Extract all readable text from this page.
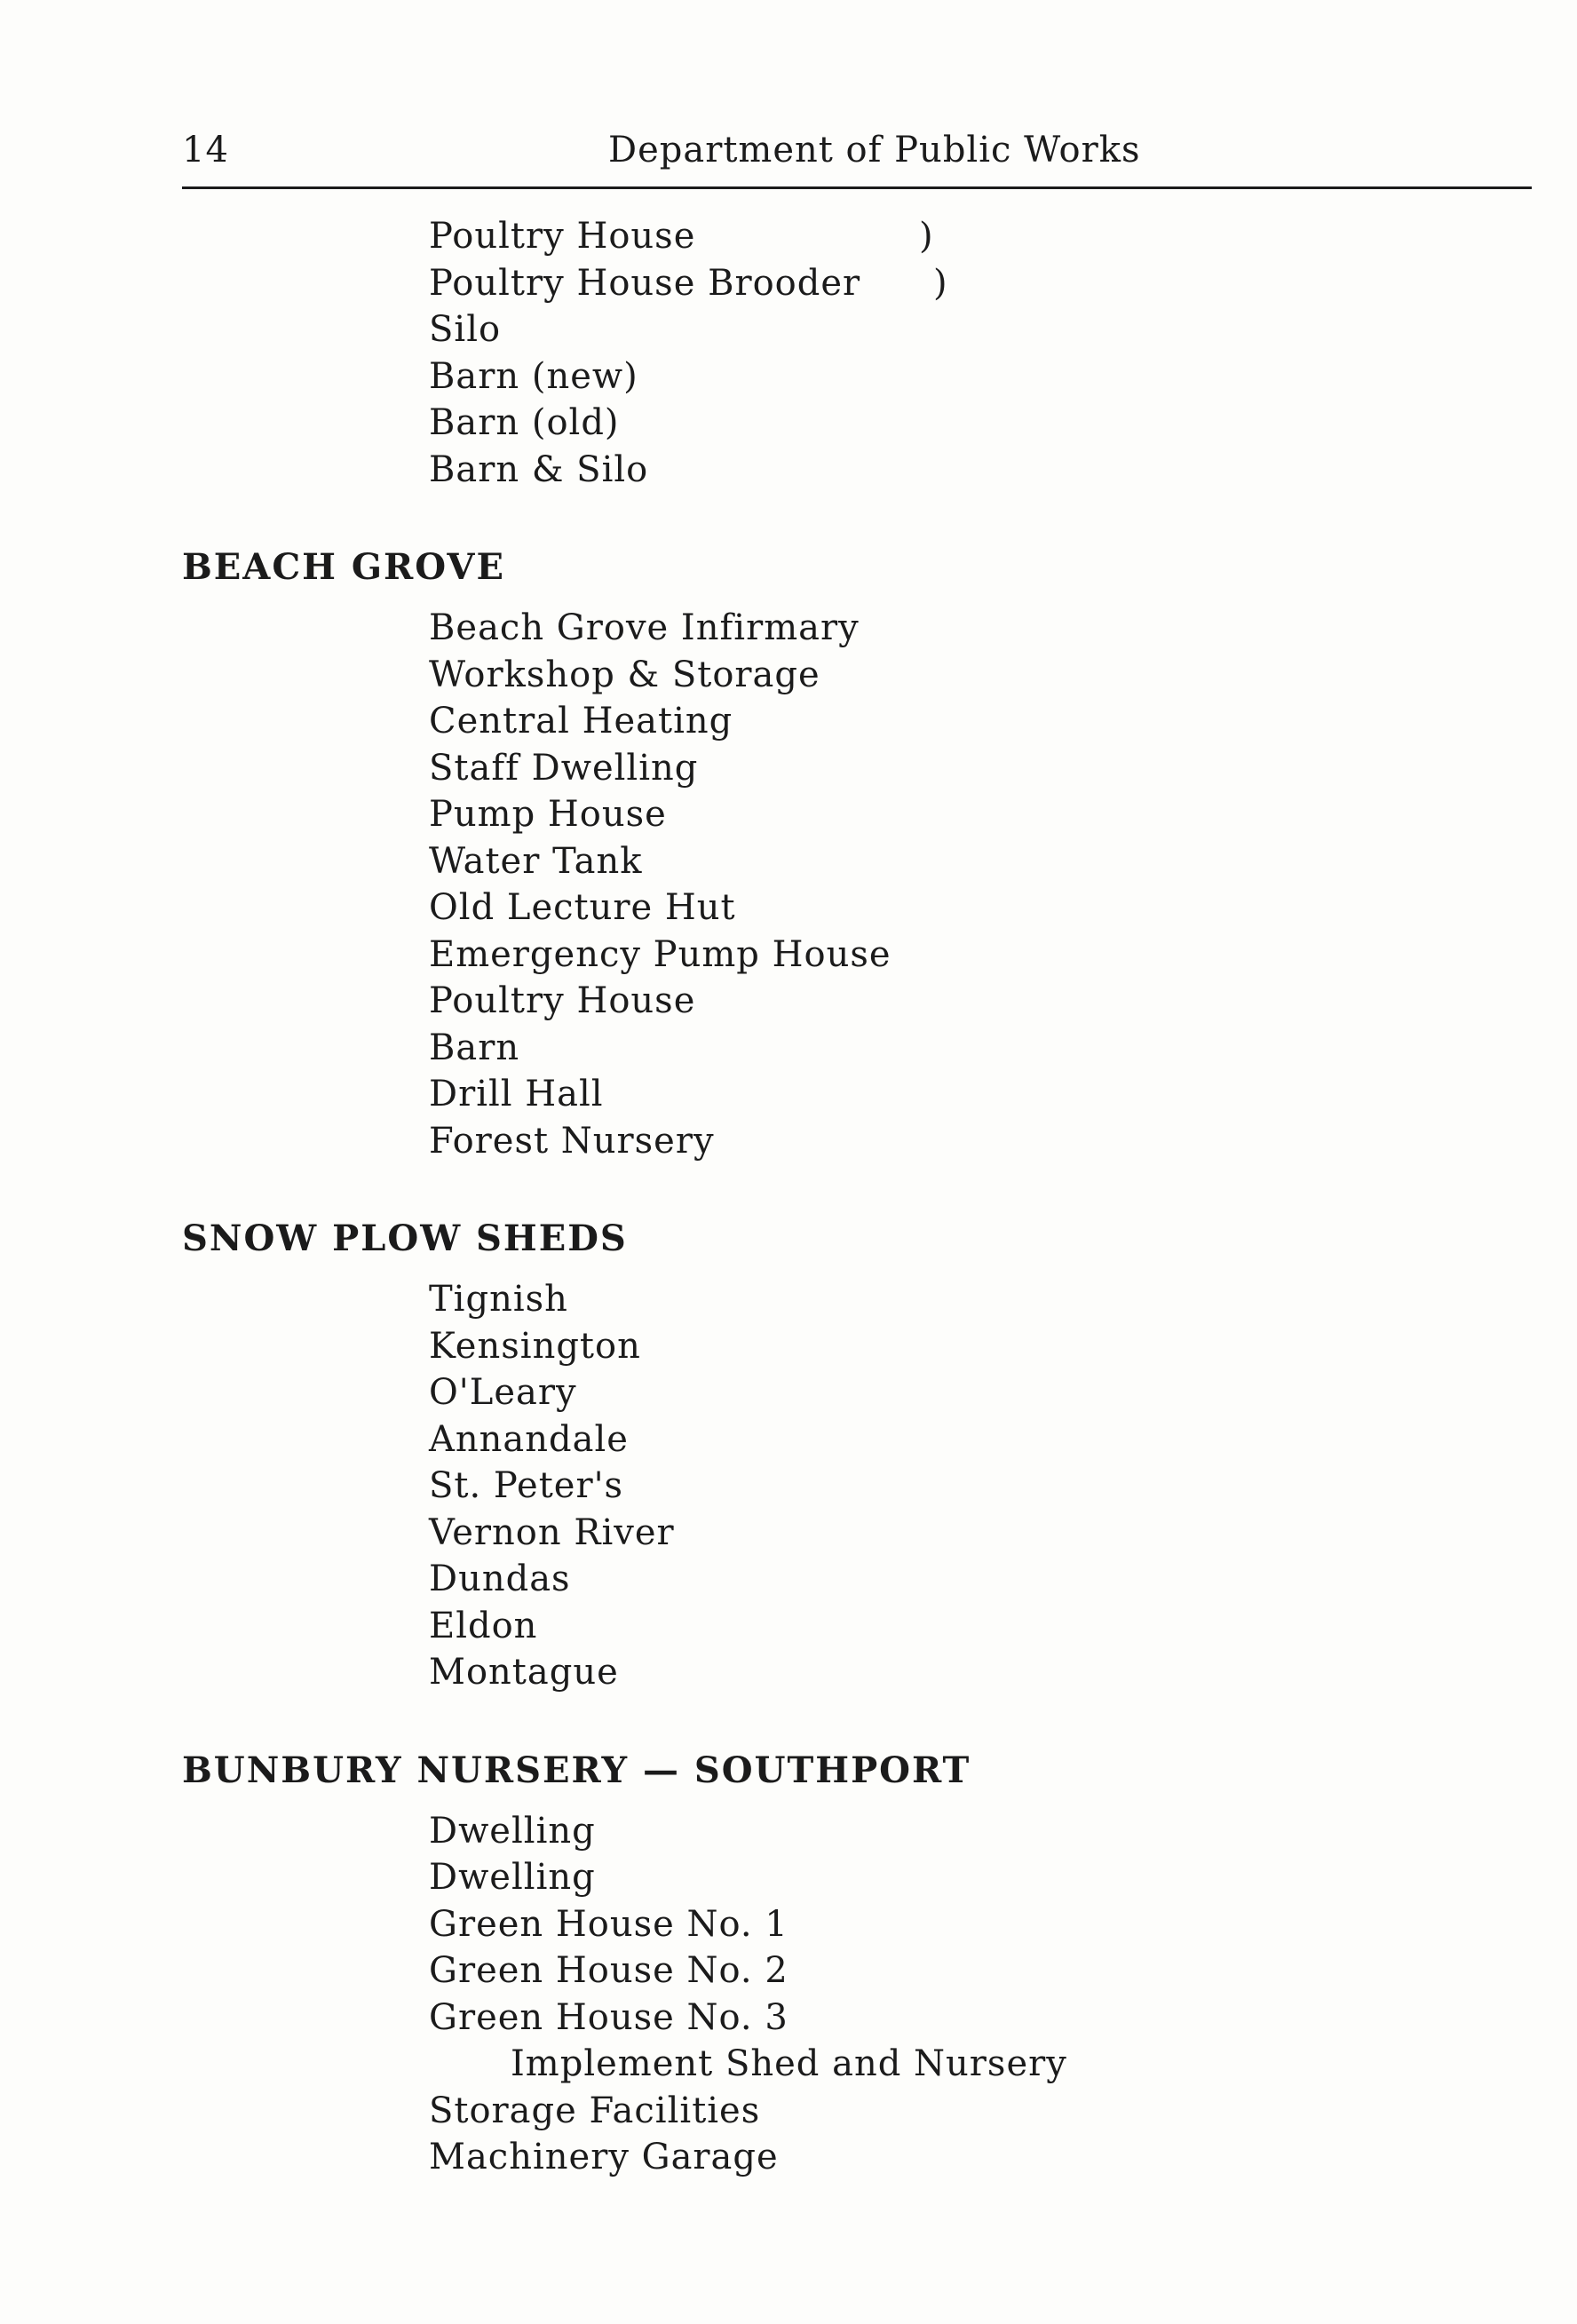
14	Department of Public Works
Poultry House	)
Poultry House Brooder )
Silo
Barn (new)
Barn (old)
Barn & Silo
BEACH GROVE
Beach Grove Infirmary
Workshop & Storage
Central Heating
Staff Dwelling
Pump House
Water Tank
Old Lecture Hut
Emergency Pump House
Poultry House
Barn
Drill Hall
Forest Nursery
SNOW PLOW SHEDS
Tignish
Kensington
O'Leary
Annandale
St. Peter's
Vernon River
Dundas
Eldon
Montague
BUNBURY NURSERY — SOUTHPORT
Dwelling
Dwelling
Green House No. 1
Green House No. 2
Green House No. 3
Implement Shed and Nursery
Storage Facilities
Machinery Garage
